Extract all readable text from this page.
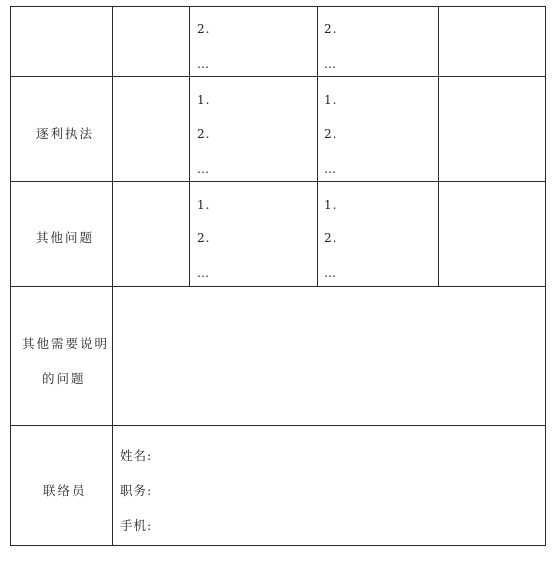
2.
…
2.
…
逐利执法
1.
2.
…
1.
2.
…
其他问题
1.
2.
…
1.
2.
…
其他需要说明
的问题
联络员
姓名:
职务:
手机:
